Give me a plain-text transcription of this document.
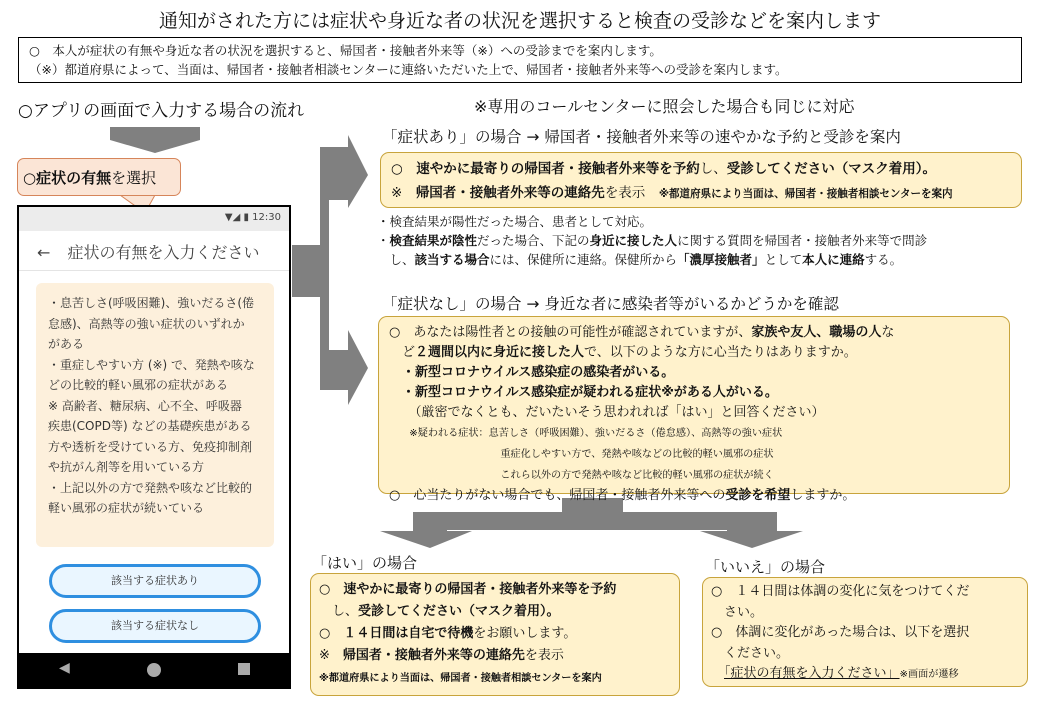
通知がされた方には症状や身近な者の状況を選択すると検査の受診などを案内します
○　本人が症状の有無や身近な者の状況を選択すると、帰国者・接触者外来等（※）への受診までを案内します。
（※）都道府県によって、当面は、帰国者・接触者相談センターに連絡いただいた上で、帰国者・接触者外来等への受診を案内します。
○アプリの画面で入力する場合の流れ	※専用のコールセンターに照会した場合も同じに対応
○症状の有無を選択
▼◢ ▮ 12:30
← 症状の有無を入力ください
・息苦しさ(呼吸困難)、強いだるさ(倦
怠感)、高熱等の強い症状のいずれか
がある
・重症しやすい方 (※) で、発熱や咳な
どの比較的軽い風邪の症状がある
※ 高齢者、糖尿病、心不全、呼吸器
疾患(COPD等) などの基礎疾患がある
方や透析を受けている方、免疫抑制剤
や抗がん剤等を用いている方
・上記以外の方で発熱や咳など比較的
軽い風邪の症状が続いている
該当する症状あり
該当する症状なし
◀
「症状あり」の場合 → 帰国者・接触者外来等の速やかな予約と受診を案内

○　速やかに最寄りの帰国者・接触者外来等を予約し、受診してください（マスク着用）。

※　帰国者・接触者外来等の連絡先を表示　※都道府県により当面は、帰国者・接触者相談センターを案内

・検査結果が陽性だった場合、患者として対応。

・検査結果が陰性だった場合、下記の身近に接した人に関する質問を帰国者・接触者外来等で問診

　し、該当する場合には、保健所に連絡。保健所から「濃厚接触者」として本人に連絡する。

「症状なし」の場合 → 身近な者に感染者等がいるかどうかを確認

○　あなたは陽性者との接触の可能性が確認されていますが、家族や友人、職場の人な

　ど２週間以内に身近に接した人で、以下のような方に心当たりはありますか。

　・新型コロナウイルス感染症の感染者がいる。

　・新型コロナウイルス感染症が疑われる症状※がある人がいる。

　　（厳密でなくとも、だいたいそう思われれば「はい」と回答ください）

　　※疑われる症状：息苦しさ（呼吸困難）、強いだるさ（倦怠感）、高熱等の強い症状

　　　　　　　　　　　重症化しやすい方で、発熱や咳などの比較的軽い風邪の症状

　　　　　　　　　　　これら以外の方で発熱や咳など比較的軽い風邪の症状が続く

○　心当たりがない場合でも、帰国者・接触者外来等への受診を希望しますか。

「はい」の場合

○　速やかに最寄りの帰国者・接触者外来等を予約

　し、受診してください（マスク着用）。

○　１４日間は自宅で待機をお願いします。

※　帰国者・接触者外来等の連絡先を表示

※都道府県により当面は、帰国者・接触者相談センターを案内

「いいえ」の場合

○　１４日間は体調の変化に気をつけてくだ

　さい。

○　体調に変化があった場合は、以下を選択

　ください。

　「症状の有無を入力ください」※画面が遷移
